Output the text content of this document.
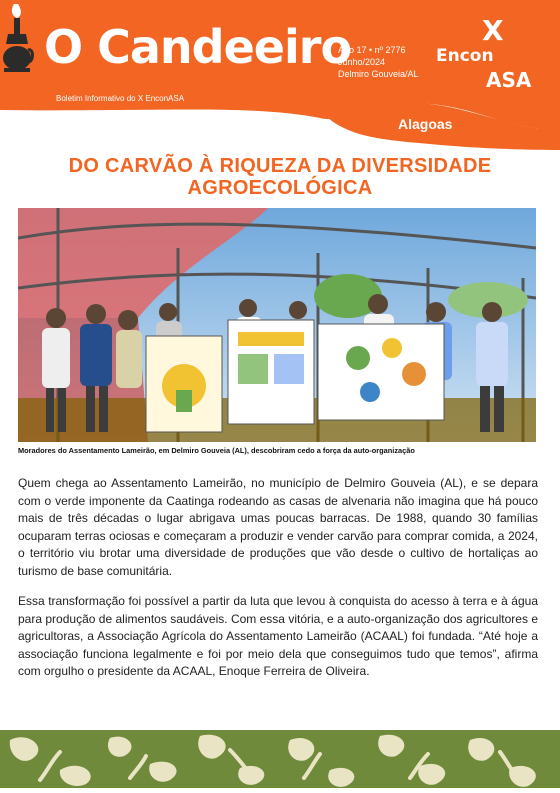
O Candeeiro
Boletim Informativo do X EnconASA
Ano 17 • nº 2776
Junho/2024
Delmiro Gouveia/AL
X
Encon
ASA
Alagoas
DO CARVÃO À RIQUEZA DA DIVERSIDADE
AGROECOLÓGICA
Moradores do Assentamento Lameirão, em Delmiro Gouveia (AL), descobriram cedo a força da auto-organização

Quem chega ao Assentamento Lameirão, no município de Delmiro Gouveia (AL), e se depara com o verde imponente da Caatinga rodeando as casas de alvenaria não imagina que há pouco mais de três décadas o lugar abrigava umas poucas barracas. De 1988, quando 30 famílias ocuparam terras ociosas e começaram a produzir e vender carvão para comprar comida, a 2024, o território viu brotar uma diversidade de produções que vão desde o cultivo de hortaliças ao turismo de base comunitária.

Essa transformação foi possível a partir da luta que levou à conquista do acesso à terra e à água para produção de alimentos saudáveis. Com essa vitória, e a auto-organização dos agricultores e agricultoras, a Associação Agrícola do Assentamento Lameirão (ACAAL) foi fundada. “Até hoje a associação funciona legalmente e foi por meio dela que conseguimos tudo que temos”, afirma com orgulho o presidente da ACAAL, Enoque Ferreira de Oliveira.
